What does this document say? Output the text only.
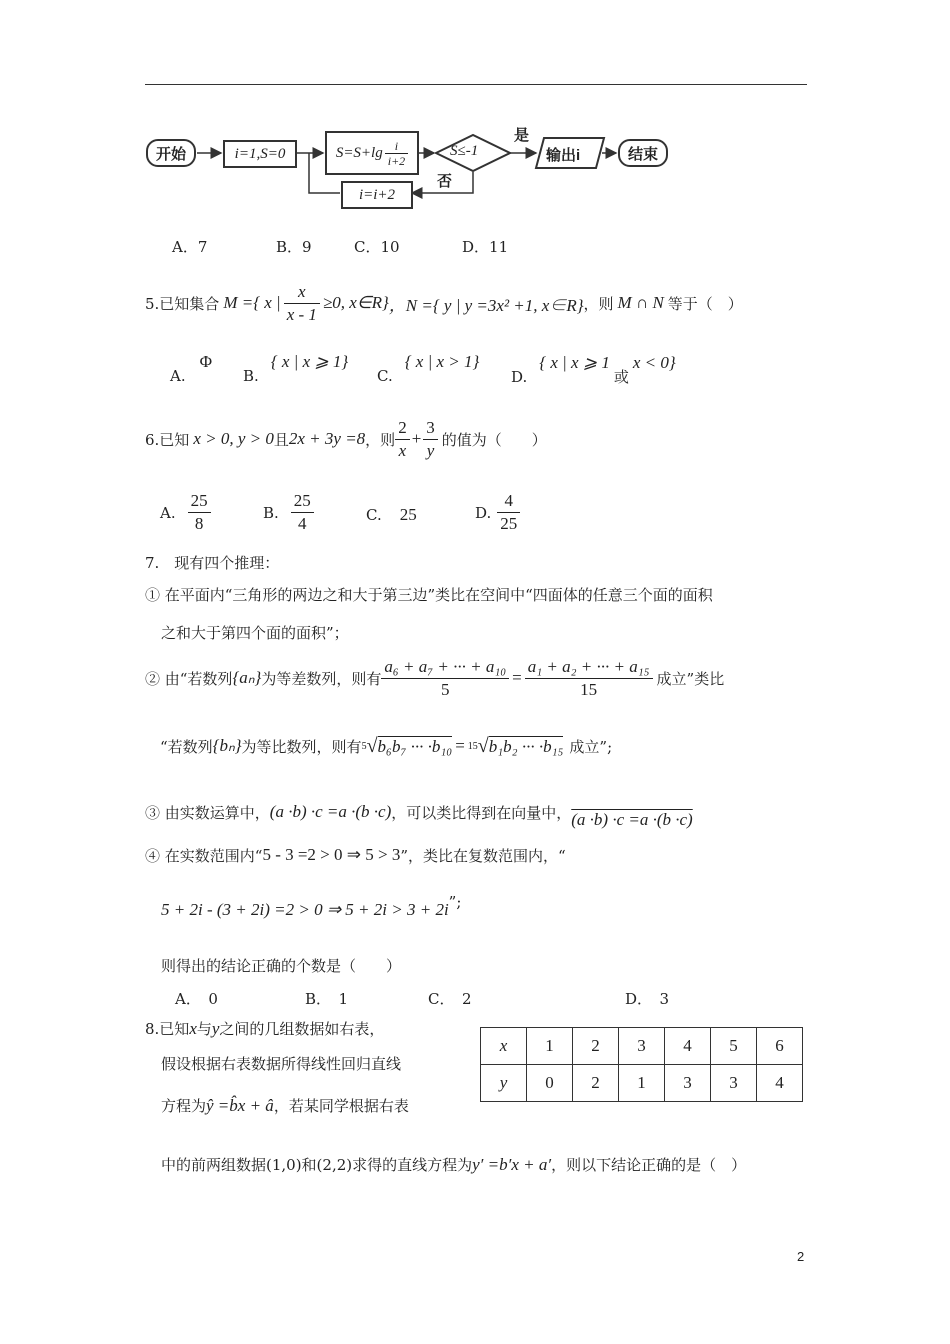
开始	i=1,S=0	$S=S+\lg \frac{i}{i+2}$	S≤-1
是
否
输出i	结束
i=i+2
A．7	B．9	C．10	D．11
5.已知集合 M ={ x | $\frac{x}{x - 1} \ge 0$, x∈R} ，N ={ y | y =3x² +1, x∈R} ，则 M ∩ N 等于（　）
A.Φ
B.{ x | x ⩾ 1}
C.{ x | x > 1}
D.{ x | x ⩾ 1或x < 0}
6.已知 x > 0, y > 0 且 2x + 3y =8 ，则 $\frac{2}{x} + \frac{3}{y}$ 的值为（　　）
A. $\frac{25}{8}$	B. $\frac{25}{4}$	C. 25	D. $\frac{4}{25}$
7.　现有四个推理：
① 在平面内“三角形的两边之和大于第三边”类比在空间中“四面体的任意三个面的面积
之和大于第四个面的面积”；
② 由“若数列 {aₙ} 为等差数列，则有 $\frac{\text{a₆ + a₇ + ··· + a₁₀}}{5} = \frac{\text{a₁ + a₂ + ··· + a₁₅}}{15}$ 成立”类比
“若数列 {bₙ} 为等比数列，则有 5 √ b₆b₇ ··· ·b₁₀ = 15 √ b₁b₂ ··· ·b₁₅ 成立”;
③ 由实数运算中， (a ·b) ·c =a ·(b ·c) ，可以类比得到在向量中， (a ·b) ·c =a ·(b ·c)
④ 在实数范围内“ 5 - 3 =2 > 0 ⇒ 5 > 3 ”，类比在复数范围内，“
5 + 2i - (3 + 2i) =2 > 0 ⇒ 5 + 2i > 3 + 2i ”;
则得出的结论正确的个数是（　　）
A．　0	B．　1	C．　2	D．　3
8.已知x与y之间的几组数据如右表，
假设根据右表数据所得线性回归直线
方程为ŷ =b̂x + â，若某同学根据右表
中的前两组数据(1,0)和(2,2)求得的直线方程为y′ =b′x + a′，则以下结论正确的是（　）
x	1	2	3	4	5	6
y	0	2	1	3	3	4
2
